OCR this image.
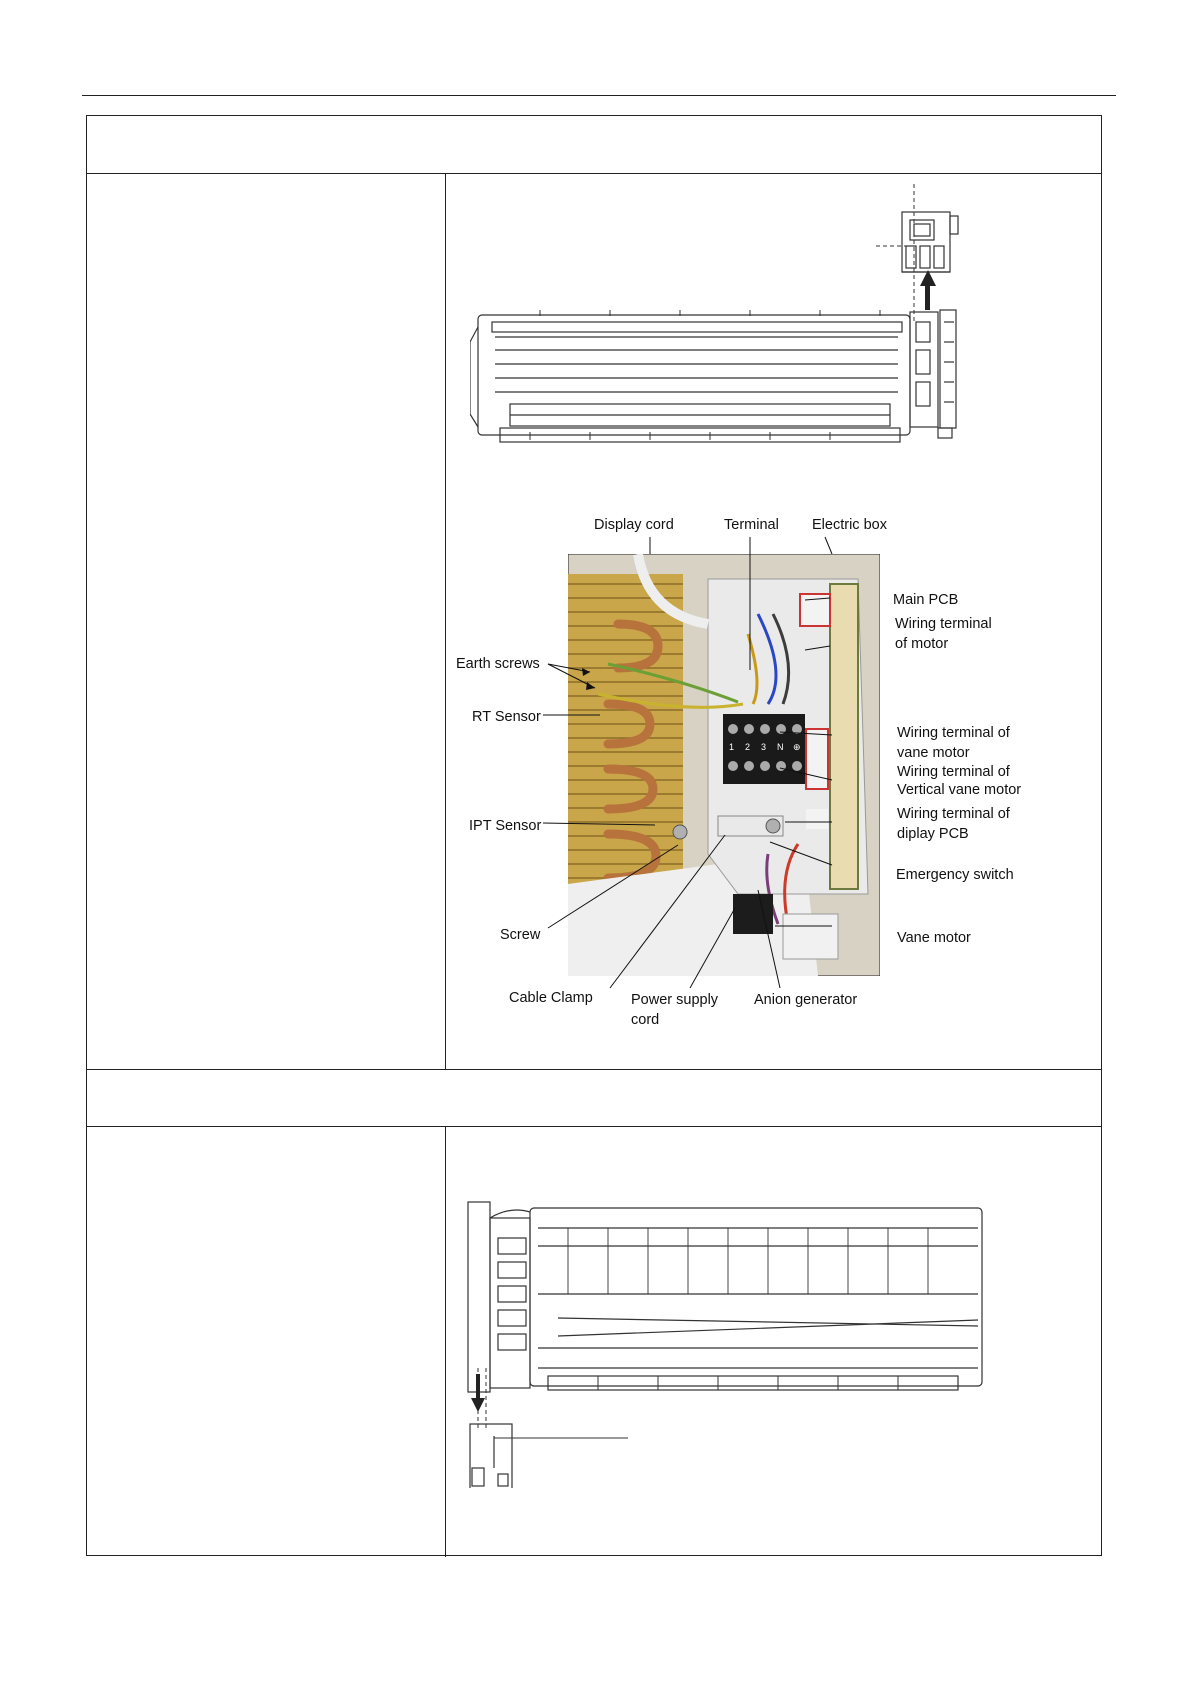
1 2 3 N ⊕
Display cord	Terminal Electric box
Main PCB
Wiring terminal
of motor
Earth screws
RT Sensor
Wiring terminal of
vane motor
Wiring terminal of
Vertical vane motor
IPT Sensor
Wiring terminal of
diplay PCB
Emergency switch
Screw	Vane motor
Cable Clamp	Power supply
cord
Anion generator
